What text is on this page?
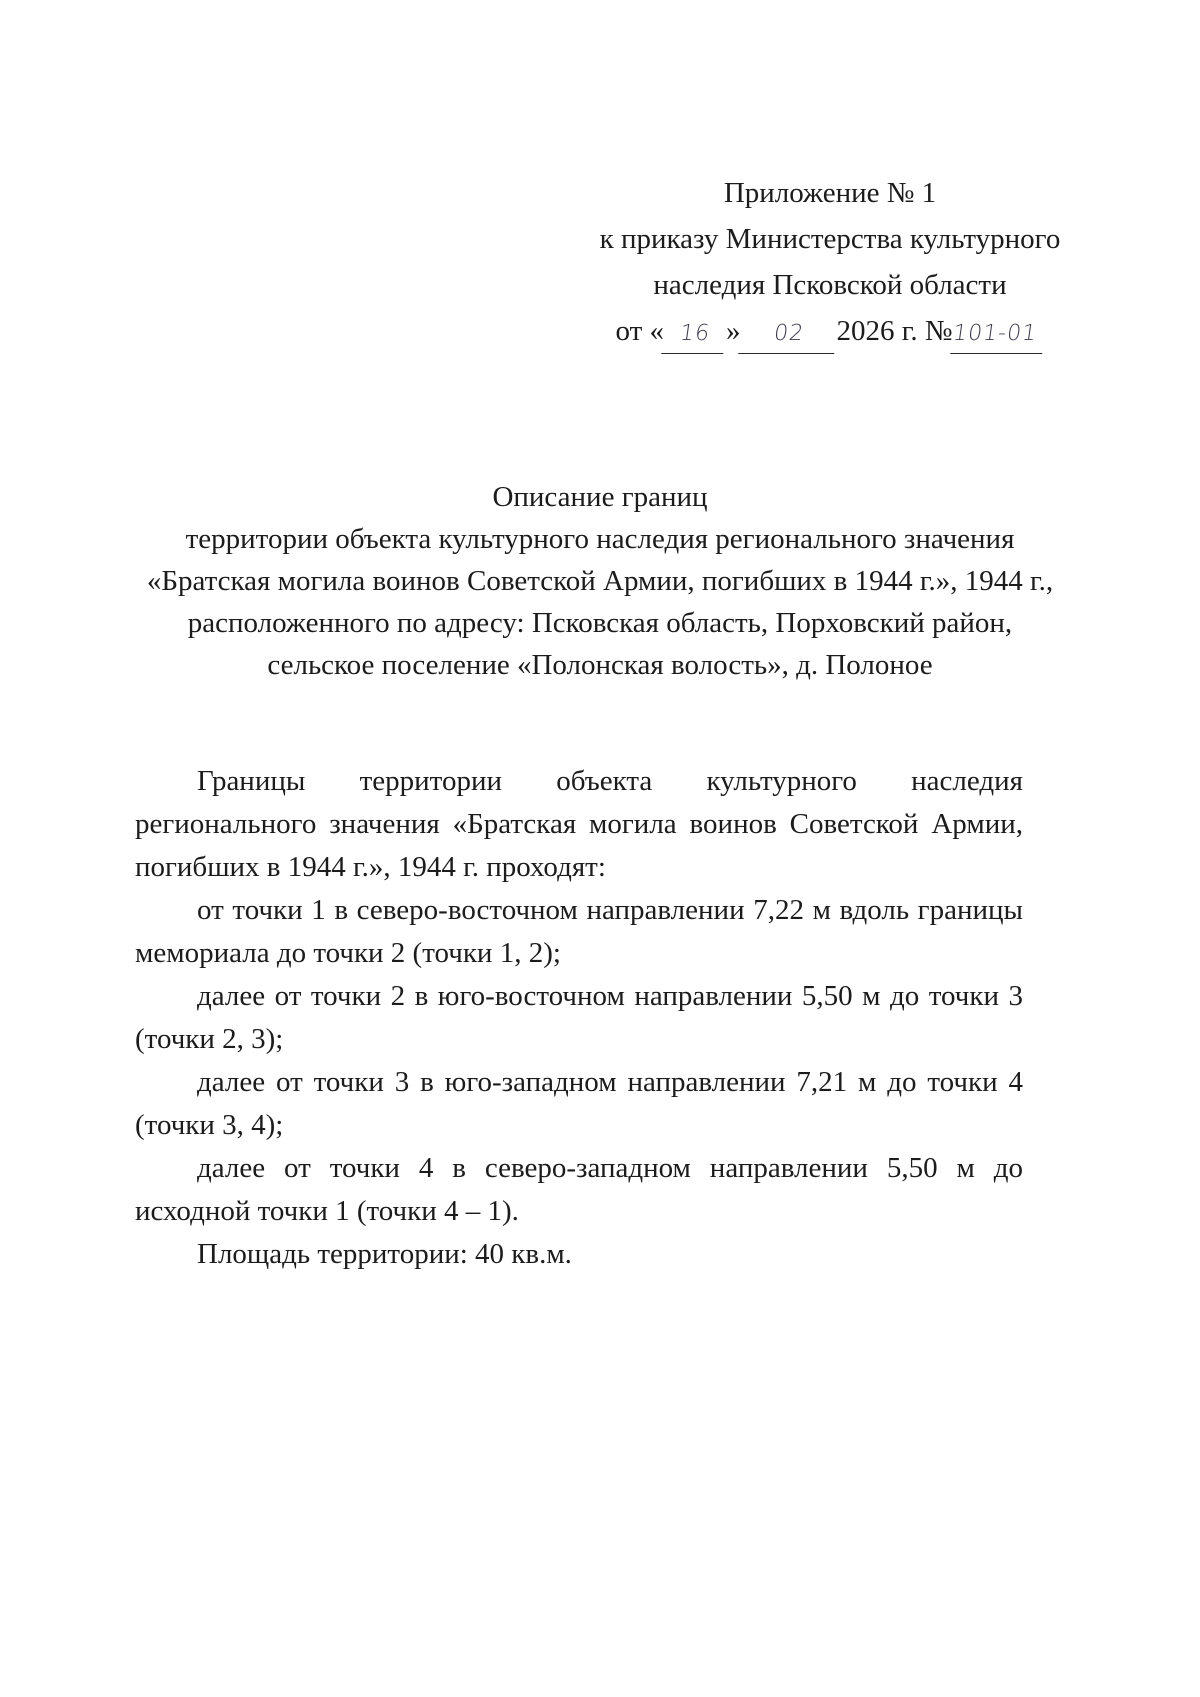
Приложение № 1
к приказу Министерства культурного
наследия Псковской области
от « 16 » 02 2026 г. №101-01
Описание границ
территории объекта культурного наследия регионального значения
«Братская могила воинов Советской Армии, погибших в 1944 г.», 1944 г.,
расположенного по адресу: Псковская область, Порховский район,
сельское поселение «Полонская волость», д. Полоное

Границы территории объекта культурного наследия регионального значения «Братская могила воинов Советской Армии, погибших в 1944 г.», 1944 г. проходят:

от точки 1 в северо-восточном направлении 7,22 м вдоль границы мемориала до точки 2 (точки 1, 2);

далее от точки 2 в юго-восточном направлении 5,50 м до точки 3 (точки 2, 3);

далее от точки 3 в юго-западном направлении 7,21 м до точки 4 (точки 3, 4);

далее от точки 4 в северо-западном направлении 5,50 м до исходной точки 1 (точки 4 – 1).

Площадь территории: 40 кв.м.
